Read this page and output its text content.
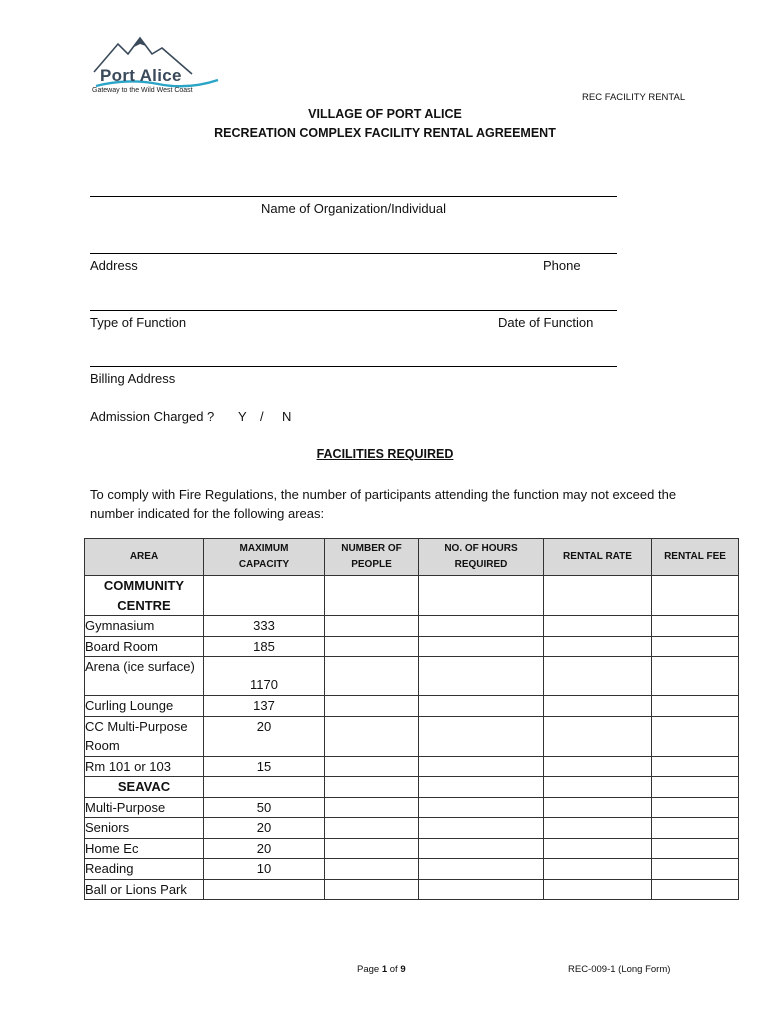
Port Alice
Gateway to the Wild West Coast
REC FACILITY RENTAL
VILLAGE OF PORT ALICE
RECREATION COMPLEX FACILITY RENTAL AGREEMENT
Name of Organization/Individual
Address	Phone
Type of Function	Date of Function
Billing Address
Admission Charged ? Y / N
FACILITIES REQUIRED
To comply with Fire Regulations, the number of participants attending the function may not exceed the number indicated for the following areas:
AREA	MAXIMUM CAPACITY	NUMBER OF PEOPLE	NO. OF HOURS REQUIRED	RENTAL RATE	RENTAL FEE
COMMUNITY CENTRE					
Gymnasium	333				
Board Room	185				
Arena (ice surface)	1170				
Curling Lounge	137				
CC Multi-Purpose Room	20				
Rm 101 or 103	15				
SEAVAC					
Multi-Purpose	50				
Seniors	20				
Home Ec	20				
Reading	10				
Ball or Lions Park					
Page 1 of 9	REC-009-1 (Long Form)
